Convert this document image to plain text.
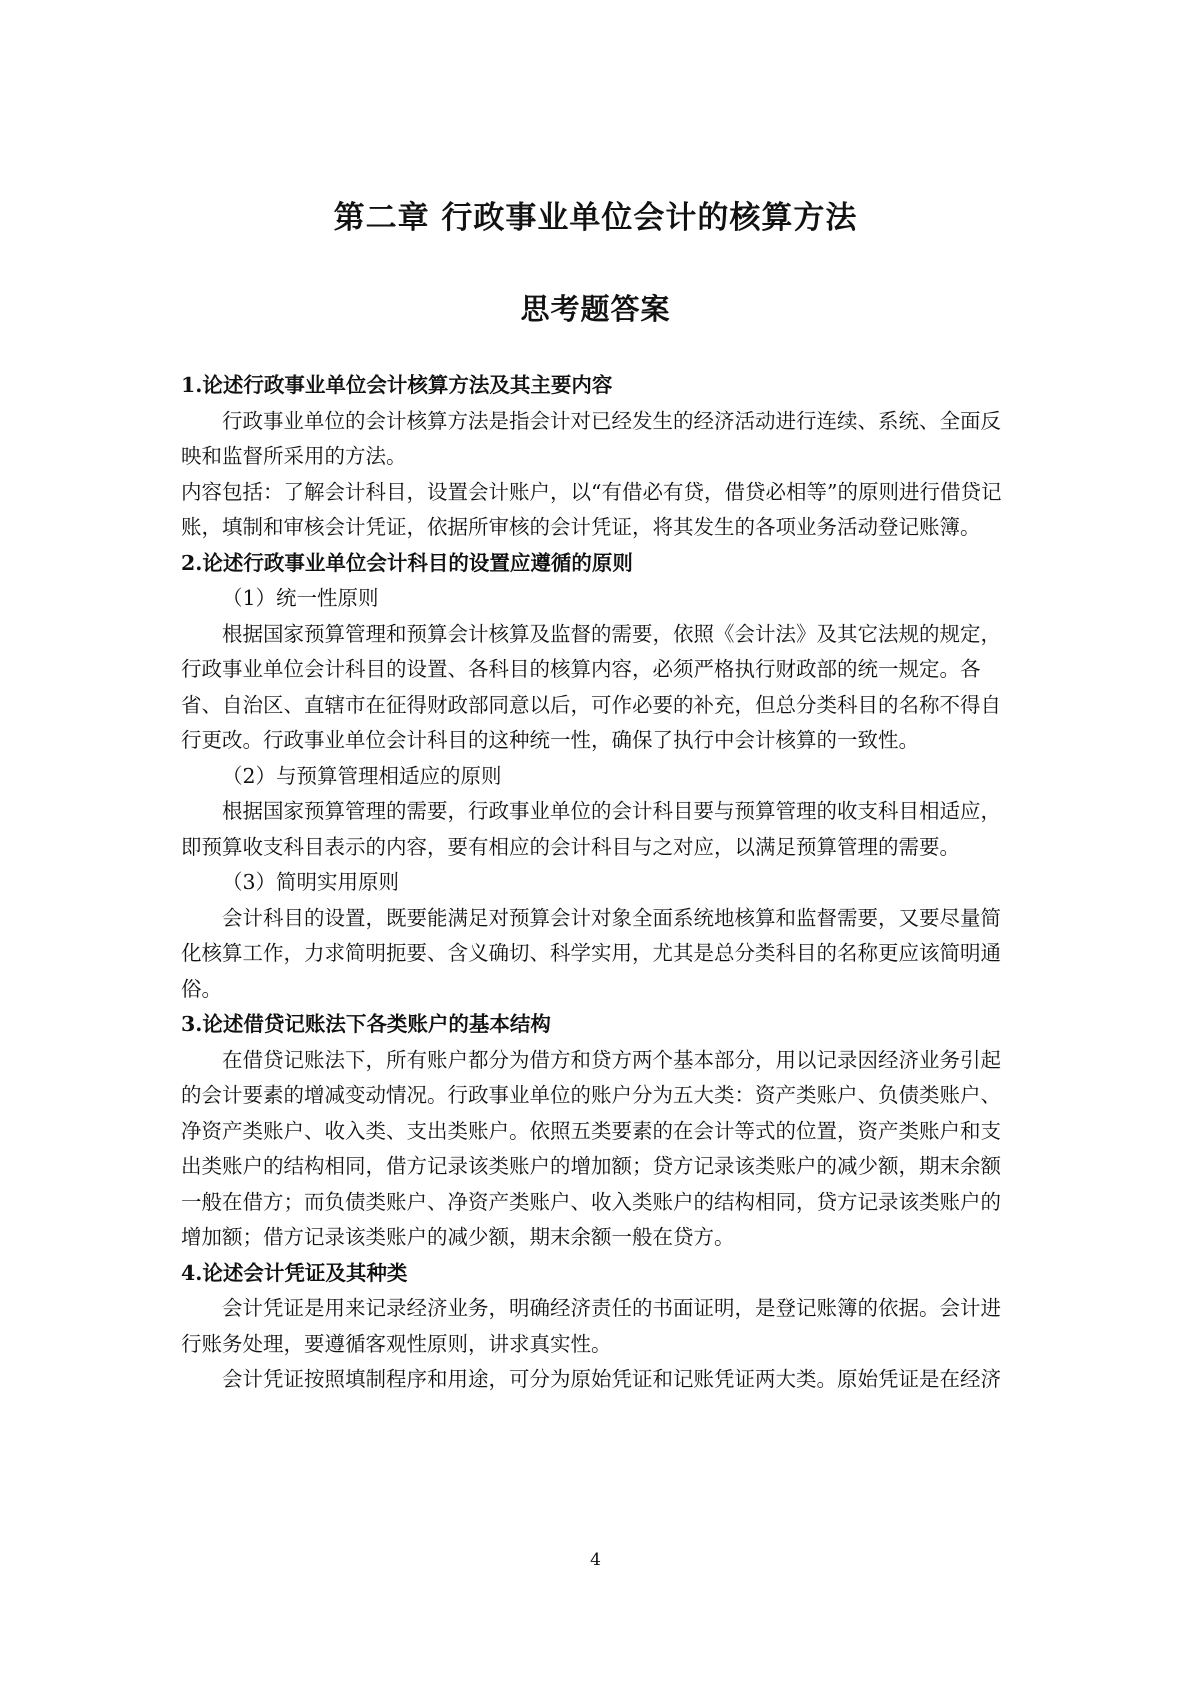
第二章 行政事业单位会计的核算方法
思考题答案

1.论述行政事业单位会计核算方法及其主要内容

行政事业单位的会计核算方法是指会计对已经发生的经济活动进行连续、系统、全面反映和监督所采用的方法。

内容包括：了解会计科目，设置会计账户，以“有借必有贷，借贷必相等”的原则进行借贷记账，填制和审核会计凭证，依据所审核的会计凭证，将其发生的各项业务活动登记账簿。

2.论述行政事业单位会计科目的设置应遵循的原则

（1）统一性原则

根据国家预算管理和预算会计核算及监督的需要，依照《会计法》及其它法规的规定，行政事业单位会计科目的设置、各科目的核算内容，必须严格执行财政部的统一规定。各省、自治区、直辖市在征得财政部同意以后，可作必要的补充，但总分类科目的名称不得自行更改。行政事业单位会计科目的这种统一性，确保了执行中会计核算的一致性。

（2）与预算管理相适应的原则

根据国家预算管理的需要，行政事业单位的会计科目要与预算管理的收支科目相适应，即预算收支科目表示的内容，要有相应的会计科目与之对应，以满足预算管理的需要。

（3）简明实用原则

会计科目的设置，既要能满足对预算会计对象全面系统地核算和监督需要，又要尽量简化核算工作，力求简明扼要、含义确切、科学实用，尤其是总分类科目的名称更应该简明通俗。

3.论述借贷记账法下各类账户的基本结构

在借贷记账法下，所有账户都分为借方和贷方两个基本部分，用以记录因经济业务引起的会计要素的增减变动情况。行政事业单位的账户分为五大类：资产类账户、负债类账户、净资产类账户、收入类、支出类账户。依照五类要素的在会计等式的位置，资产类账户和支出类账户的结构相同，借方记录该类账户的增加额；贷方记录该类账户的减少额，期末余额一般在借方；而负债类账户、净资产类账户、收入类账户的结构相同，贷方记录该类账户的增加额；借方记录该类账户的减少额，期末余额一般在贷方。

4.论述会计凭证及其种类

会计凭证是用来记录经济业务，明确经济责任的书面证明，是登记账簿的依据。会计进行账务处理，要遵循客观性原则，讲求真实性。

会计凭证按照填制程序和用途，可分为原始凭证和记账凭证两大类。原始凭证是在经济

4
